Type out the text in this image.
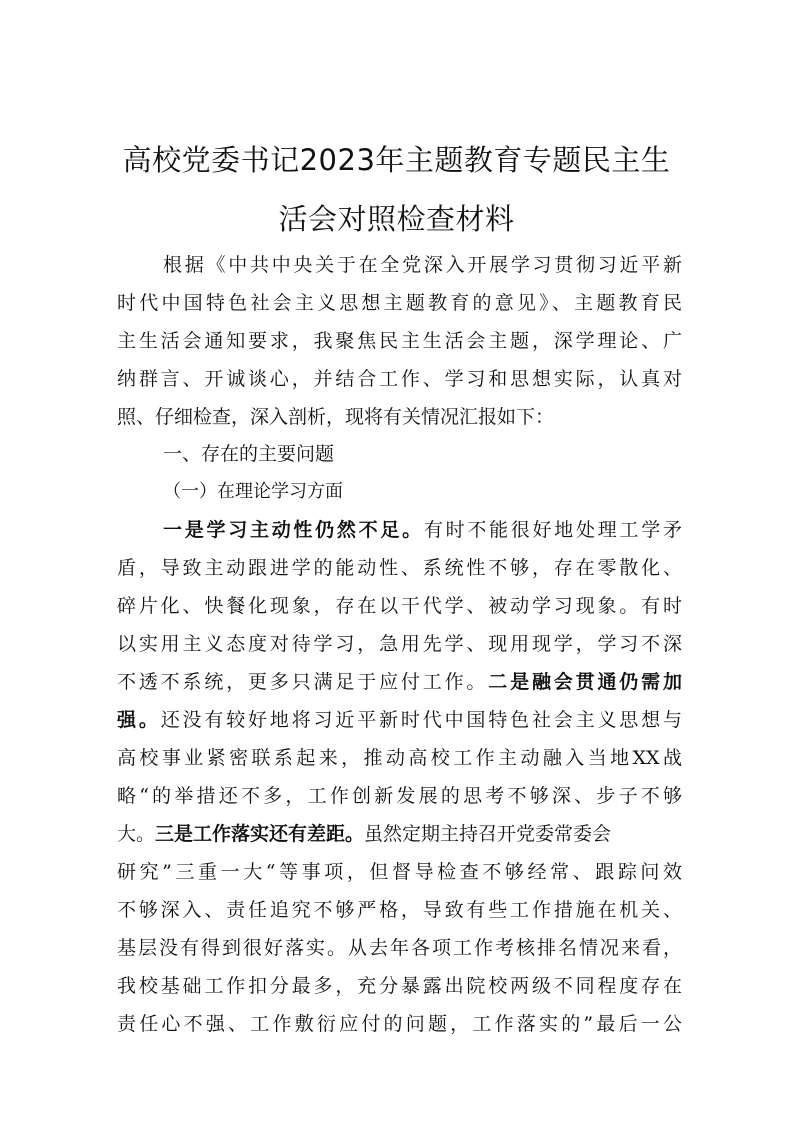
高校党委书记2023年主题教育专题民主生
活会对照检查材料
根据《中共中央关于在全党深入开展学习贯彻习近平新
时代中国特色社会主义思想主题教育的意见》、主题教育民
主生活会通知要求，我聚焦民主生活会主题，深学理论、广
纳群言、开诚谈心，并结合工作、学习和思想实际，认真对
照、仔细检查，深入剖析，现将有关情况汇报如下：
一、存在的主要问题
（一）在理论学习方面
一是学习主动性仍然不足。有时不能很好地处理工学矛
盾，导致主动跟进学的能动性、系统性不够，存在零散化、
碎片化、快餐化现象，存在以干代学、被动学习现象。有时
以实用主义态度对待学习，急用先学、现用现学，学习不深
不透不系统，更多只满足于应付工作。二是融会贯通仍需加
强。还没有较好地将习近平新时代中国特色社会主义思想与
高校事业紧密联系起来，推动高校工作主动融入当地XX战
略“的举措还不多，工作创新发展的思考不够深、步子不够
大。三是工作落实还有差距。虽然定期主持召开党委常委会
研究”三重一大“等事项，但督导检查不够经常、跟踪问效
不够深入、责任追究不够严格，导致有些工作措施在机关、
基层没有得到很好落实。从去年各项工作考核排名情况来看，
我校基础工作扣分最多，充分暴露出院校两级不同程度存在
责任心不强、工作敷衍应付的问题，工作落实的”最后一公
